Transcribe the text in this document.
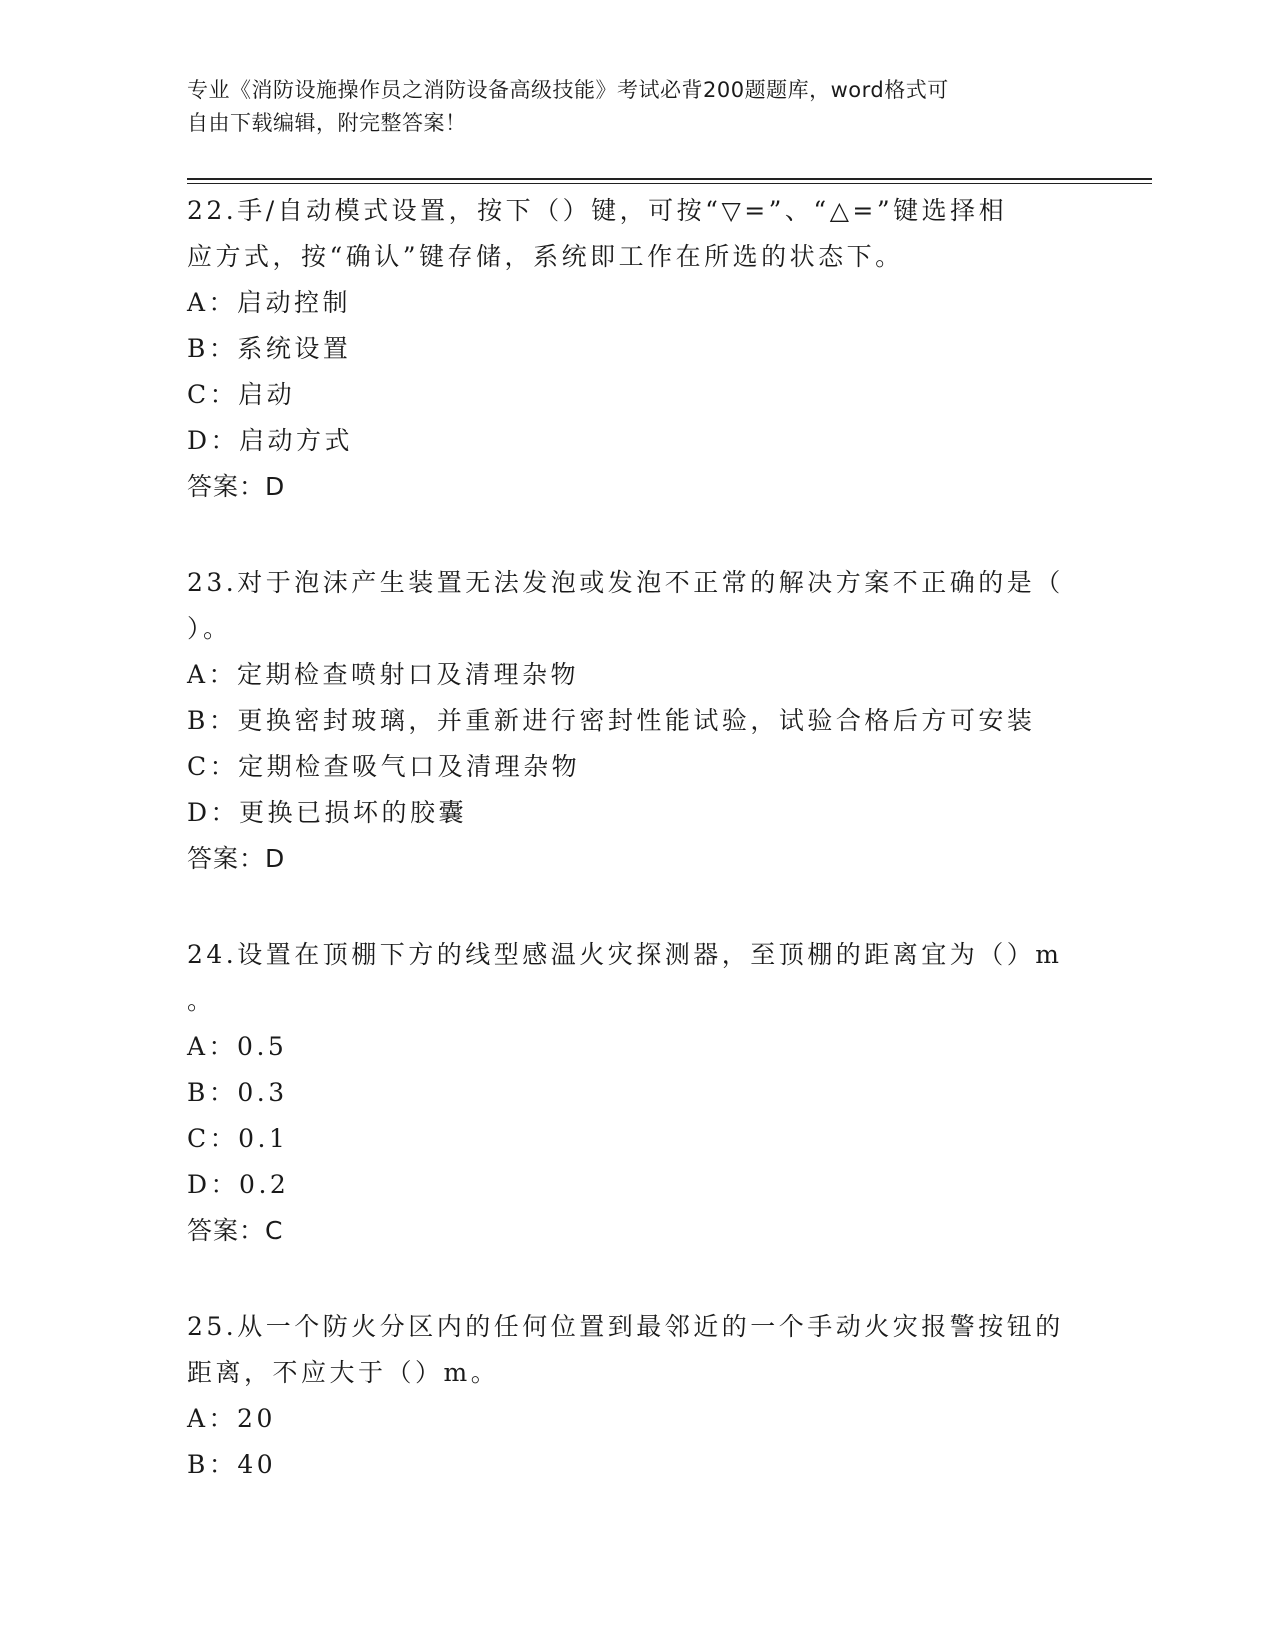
专业《消防设施操作员之消防设备高级技能》考试必背200题题库，word格式可
自由下载编辑，附完整答案！
22.手/自动模式设置，按下（）键，可按“▽=”、“△=”键选择相
应方式，按“确认”键存储，系统即工作在所选的状态下。
A：启动控制
B：系统设置
C：启动
D：启动方式
答案：D
23.对于泡沫产生装置无法发泡或发泡不正常的解决方案不正确的是（
）。
A：定期检查喷射口及清理杂物
B：更换密封玻璃，并重新进行密封性能试验，试验合格后方可安装
C：定期检查吸气口及清理杂物
D：更换已损坏的胶囊
答案：D
24.设置在顶棚下方的线型感温火灾探测器，至顶棚的距离宜为（）m
。
A：0.5
B：0.3
C：0.1
D：0.2
答案：C
25.从一个防火分区内的任何位置到最邻近的一个手动火灾报警按钮的
距离，不应大于（）m。
A：20
B：40
